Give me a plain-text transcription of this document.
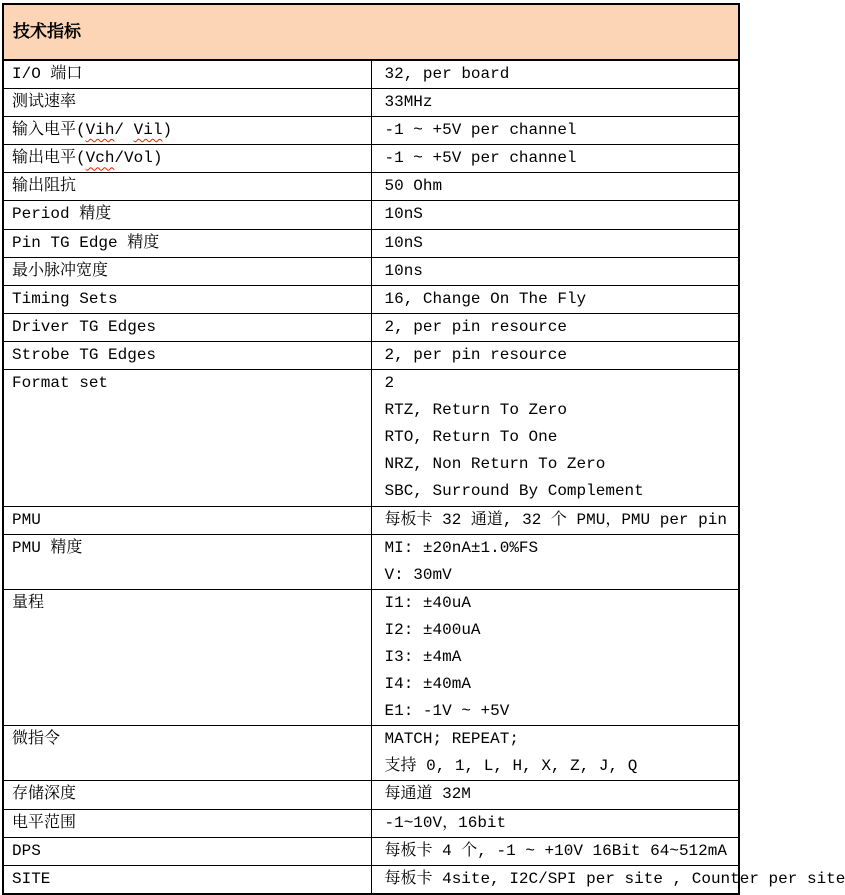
技术指标	
I/O 端口	32, per board

测试速率	33MHz

输入电平(Vih/ Vil)	-1 ~ +5V per channel

输出电平(Vch/Vol)	-1 ~ +5V per channel

输出阻抗	50 Ohm

Period 精度	10nS

Pin TG Edge 精度	10nS

最小脉冲宽度	10ns

Timing Sets	16, Change On The Fly

Driver TG Edges	2, per pin resource

Strobe TG Edges	2, per pin resource

Format set	2
RTZ, Return To Zero
RTO, Return To One
NRZ, Non Return To Zero
SBC, Surround By Complement

PMU	每板卡 32 通道, 32 个 PMU，PMU per pin

PMU 精度	MI: ±20nA±1.0%FS
V: 30mV

量程	I1: ±40uA
I2: ±400uA
I3: ±4mA
I4: ±40mA
E1: -1V ~ +5V

微指令	MATCH; REPEAT;
支持 0, 1, L, H, X, Z, J, Q

存储深度	每通道 32M

电平范围	-1~10V，16bit

DPS	每板卡 4 个, -1 ~ +10V 16Bit 64~512mA

SITE	每板卡 4site, I2C/SPI per site , Counter per site
